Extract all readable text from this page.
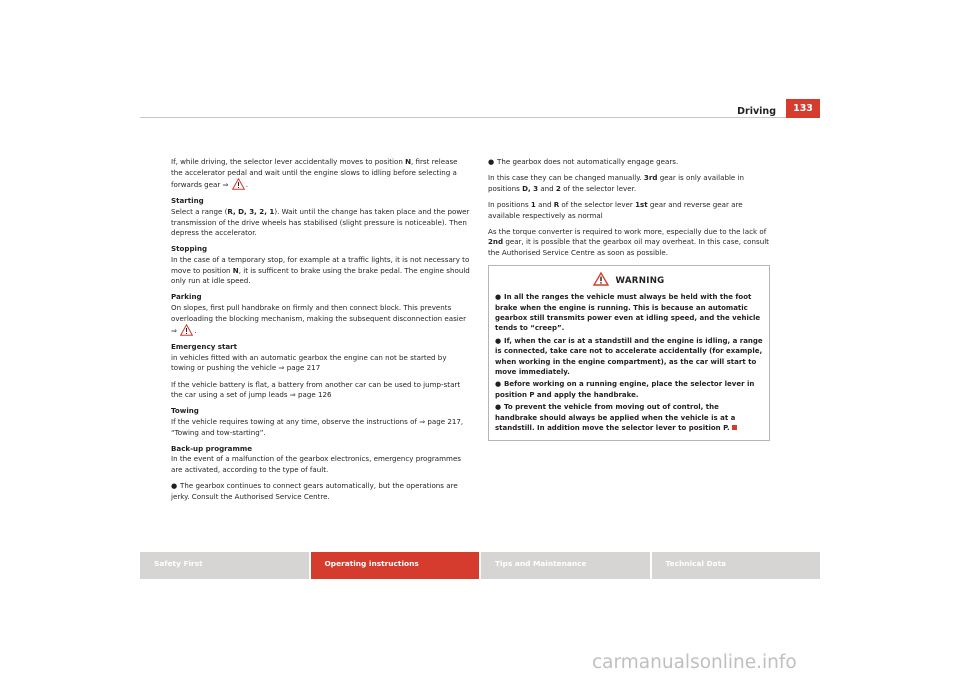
Driving	133

If, while driving, the selector lever accidentally moves to position N, first release the accelerator pedal and wait until the engine slows to idling before selecting a forwards gear ⇒ .

Starting
Select a range (R, D, 3, 2, 1). Wait until the change has taken place and the power transmission of the drive wheels has stabilised (slight pressure is noticeable). Then depress the accelerator.

Stopping
In the case of a temporary stop, for example at a traffic lights, it is not necessary to move to position N, it is sufficent to brake using the brake pedal. The engine should only run at idle speed.

Parking
On slopes, first pull handbrake on firmly and then connect block. This prevents overloading the blocking mechanism, making the subsequent disconnection easier ⇒ .

Emergency start
in vehicles fitted with an automatic gearbox the engine can not be started by towing or pushing the vehicle ⇒ page 217

If the vehicle battery is flat, a battery from another car can be used to jump-start the car using a set of jump leads ⇒ page 126

Towing
If the vehicle requires towing at any time, observe the instructions of ⇒ page 217, “Towing and tow-starting”.

Back-up programme
In the event of a malfunction of the gearbox electronics, emergency programmes are activated, according to the type of fault.

● The gearbox continues to connect gears automatically, but the operations are jerky. Consult the Authorised Service Centre.

● The gearbox does not automatically engage gears.

In this case they can be changed manually. 3rd gear is only available in positions D, 3 and 2 of the selector lever.

In positions 1 and R of the selector lever 1st gear and reverse gear are available respectively as normal

As the torque converter is required to work more, especially due to the lack of 2nd gear, it is possible that the gearbox oil may overheat. In this case, consult the Authorised Service Centre as soon as possible.

WARNING

● In all the ranges the vehicle must always be held with the foot brake when the engine is running. This is because an automatic gearbox still transmits power even at idling speed, and the vehicle tends to “creep”.

● If, when the car is at a standstill and the engine is idling, a range is connected, take care not to accelerate accidentally (for example, when working in the engine compartment), as the car will start to move immediately.

● Before working on a running engine, place the selector lever in position P and apply the handbrake.

● To prevent the vehicle from moving out of control, the handbrake should always be applied when the vehicle is at a standstill. In addition move the selector lever to position P.

Safety First	Operating instructions	Tips and Maintenance	Technical Data
carmanualsonline.info
